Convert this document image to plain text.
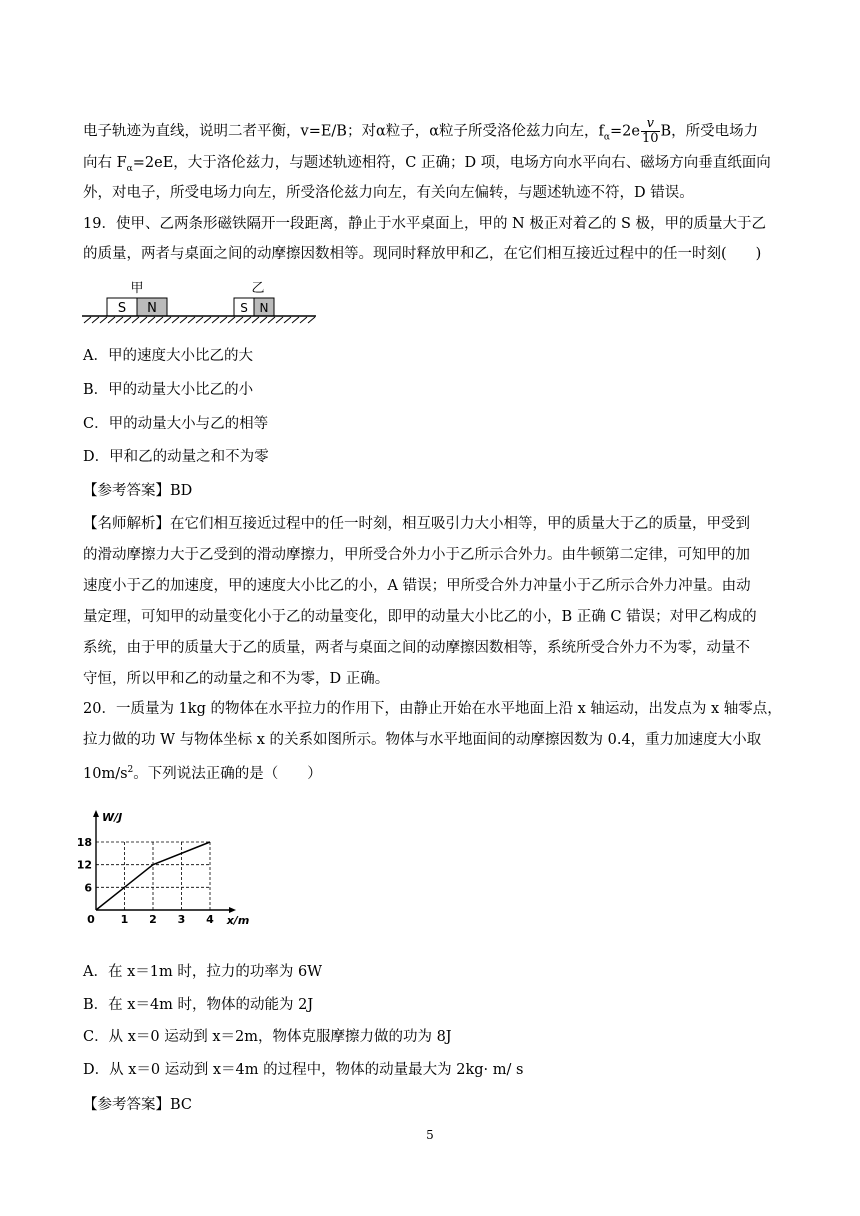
电子轨迹为直线，说明二者平衡，v=E/B；对α粒子，α粒子所受洛伦兹力向左，$f_\alpha=2e \frac{v}{10}$ B，所受电场力
向右 $F_\alpha=2eE$，大于洛伦兹力，与题述轨迹相符，C 正确；D 项，电场方向水平向右、磁场方向垂直纸面向
外，对电子，所受电场力向左，所受洛伦兹力向左，有关向左偏转，与题述轨迹不符，D 错误。
19．使甲、乙两条形磁铁隔开一段距离，静止于水平桌面上，甲的 N 极正对着乙的 S 极，甲的质量大于乙
的质量，两者与桌面之间的动摩擦因数相等。现同时释放甲和乙，在它们相互接近过程中的任一时刻(　　)
甲	乙
S N	S N
A．甲的速度大小比乙的大
B．甲的动量大小比乙的小
C．甲的动量大小与乙的相等
D．甲和乙的动量之和不为零
【参考答案】BD
【名师解析】在它们相互接近过程中的任一时刻，相互吸引力大小相等，甲的质量大于乙的质量，甲受到
的滑动摩擦力大于乙受到的滑动摩擦力，甲所受合外力小于乙所示合外力。由牛顿第二定律，可知甲的加
速度小于乙的加速度，甲的速度大小比乙的小，A 错误；甲所受合外力冲量小于乙所示合外力冲量。由动
量定理，可知甲的动量变化小于乙的动量变化，即甲的动量大小比乙的小，B 正确 C 错误；对甲乙构成的
系统，由于甲的质量大于乙的质量，两者与桌面之间的动摩擦因数相等，系统所受合外力不为零，动量不
守恒，所以甲和乙的动量之和不为零，D 正确。
20．一质量为 1kg 的物体在水平拉力的作用下，由静止开始在水平地面上沿 x 轴运动，出发点为 x 轴零点，
拉力做的功 W 与物体坐标 x 的关系如图所示。物体与水平地面间的动摩擦因数为 0.4，重力加速度大小取
$10m/s^2$。下列说法正确的是（　　）
6
12
18
1 2 3 4
0
W/J
x/m
A．在 x＝1m 时，拉力的功率为 6W
B．在 x＝4m 时，物体的动能为 2J
C．从 x＝0 运动到 x＝2m，物体克服摩擦力做的功为 8J
D．从 x＝0 运动到 x＝4m 的过程中，物体的动量最大为 2kg· m/ s
【参考答案】BC
5
